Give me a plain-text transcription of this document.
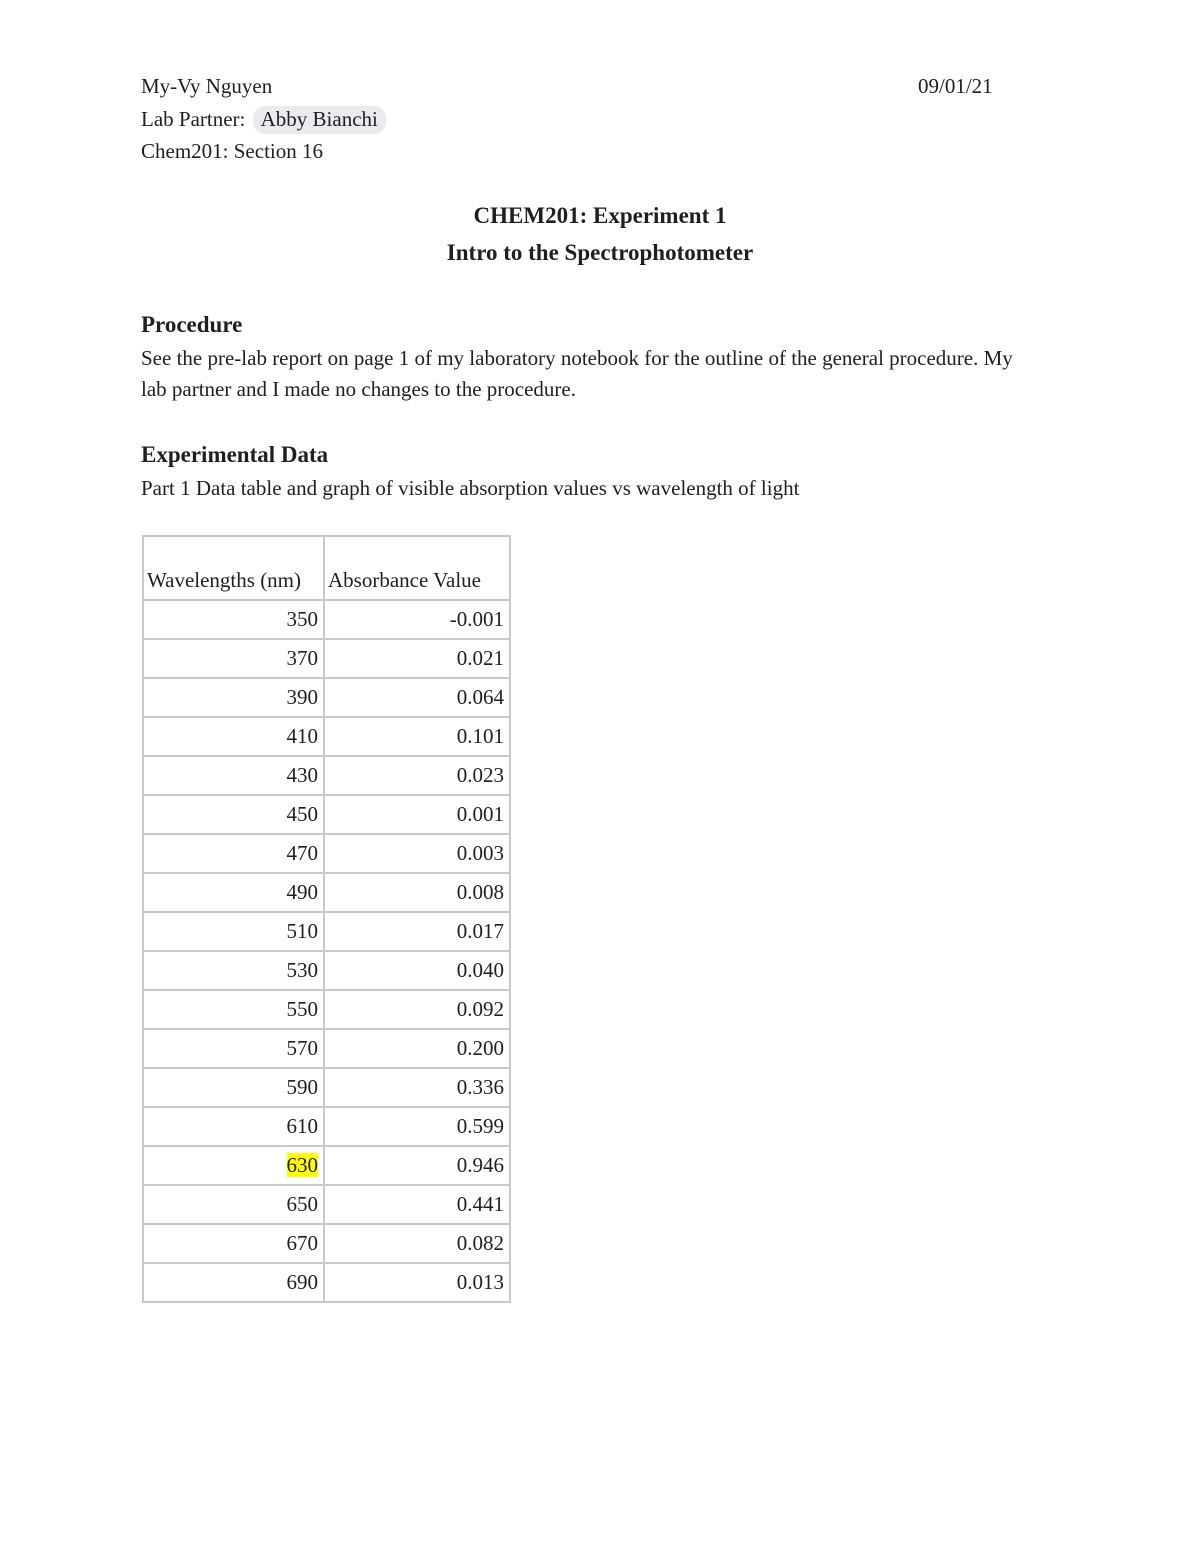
My-Vy Nguyen	09/01/21
Lab Partner: Abby Bianchi
Chem201: Section 16
CHEM201: Experiment 1
Intro to the Spectrophotometer
Procedure
See the pre-lab report on page 1 of my laboratory notebook for the outline of the general procedure. My lab partner and I made no changes to the procedure.
Experimental Data
Part 1 Data table and graph of visible absorption values vs wavelength of light
Wavelengths (nm)	Absorbance Value
350	-0.001
370	0.021
390	0.064
410	0.101
430	0.023
450	0.001
470	0.003
490	0.008
510	0.017
530	0.040
550	0.092
570	0.200
590	0.336
610	0.599
630	0.946
650	0.441
670	0.082
690	0.013
